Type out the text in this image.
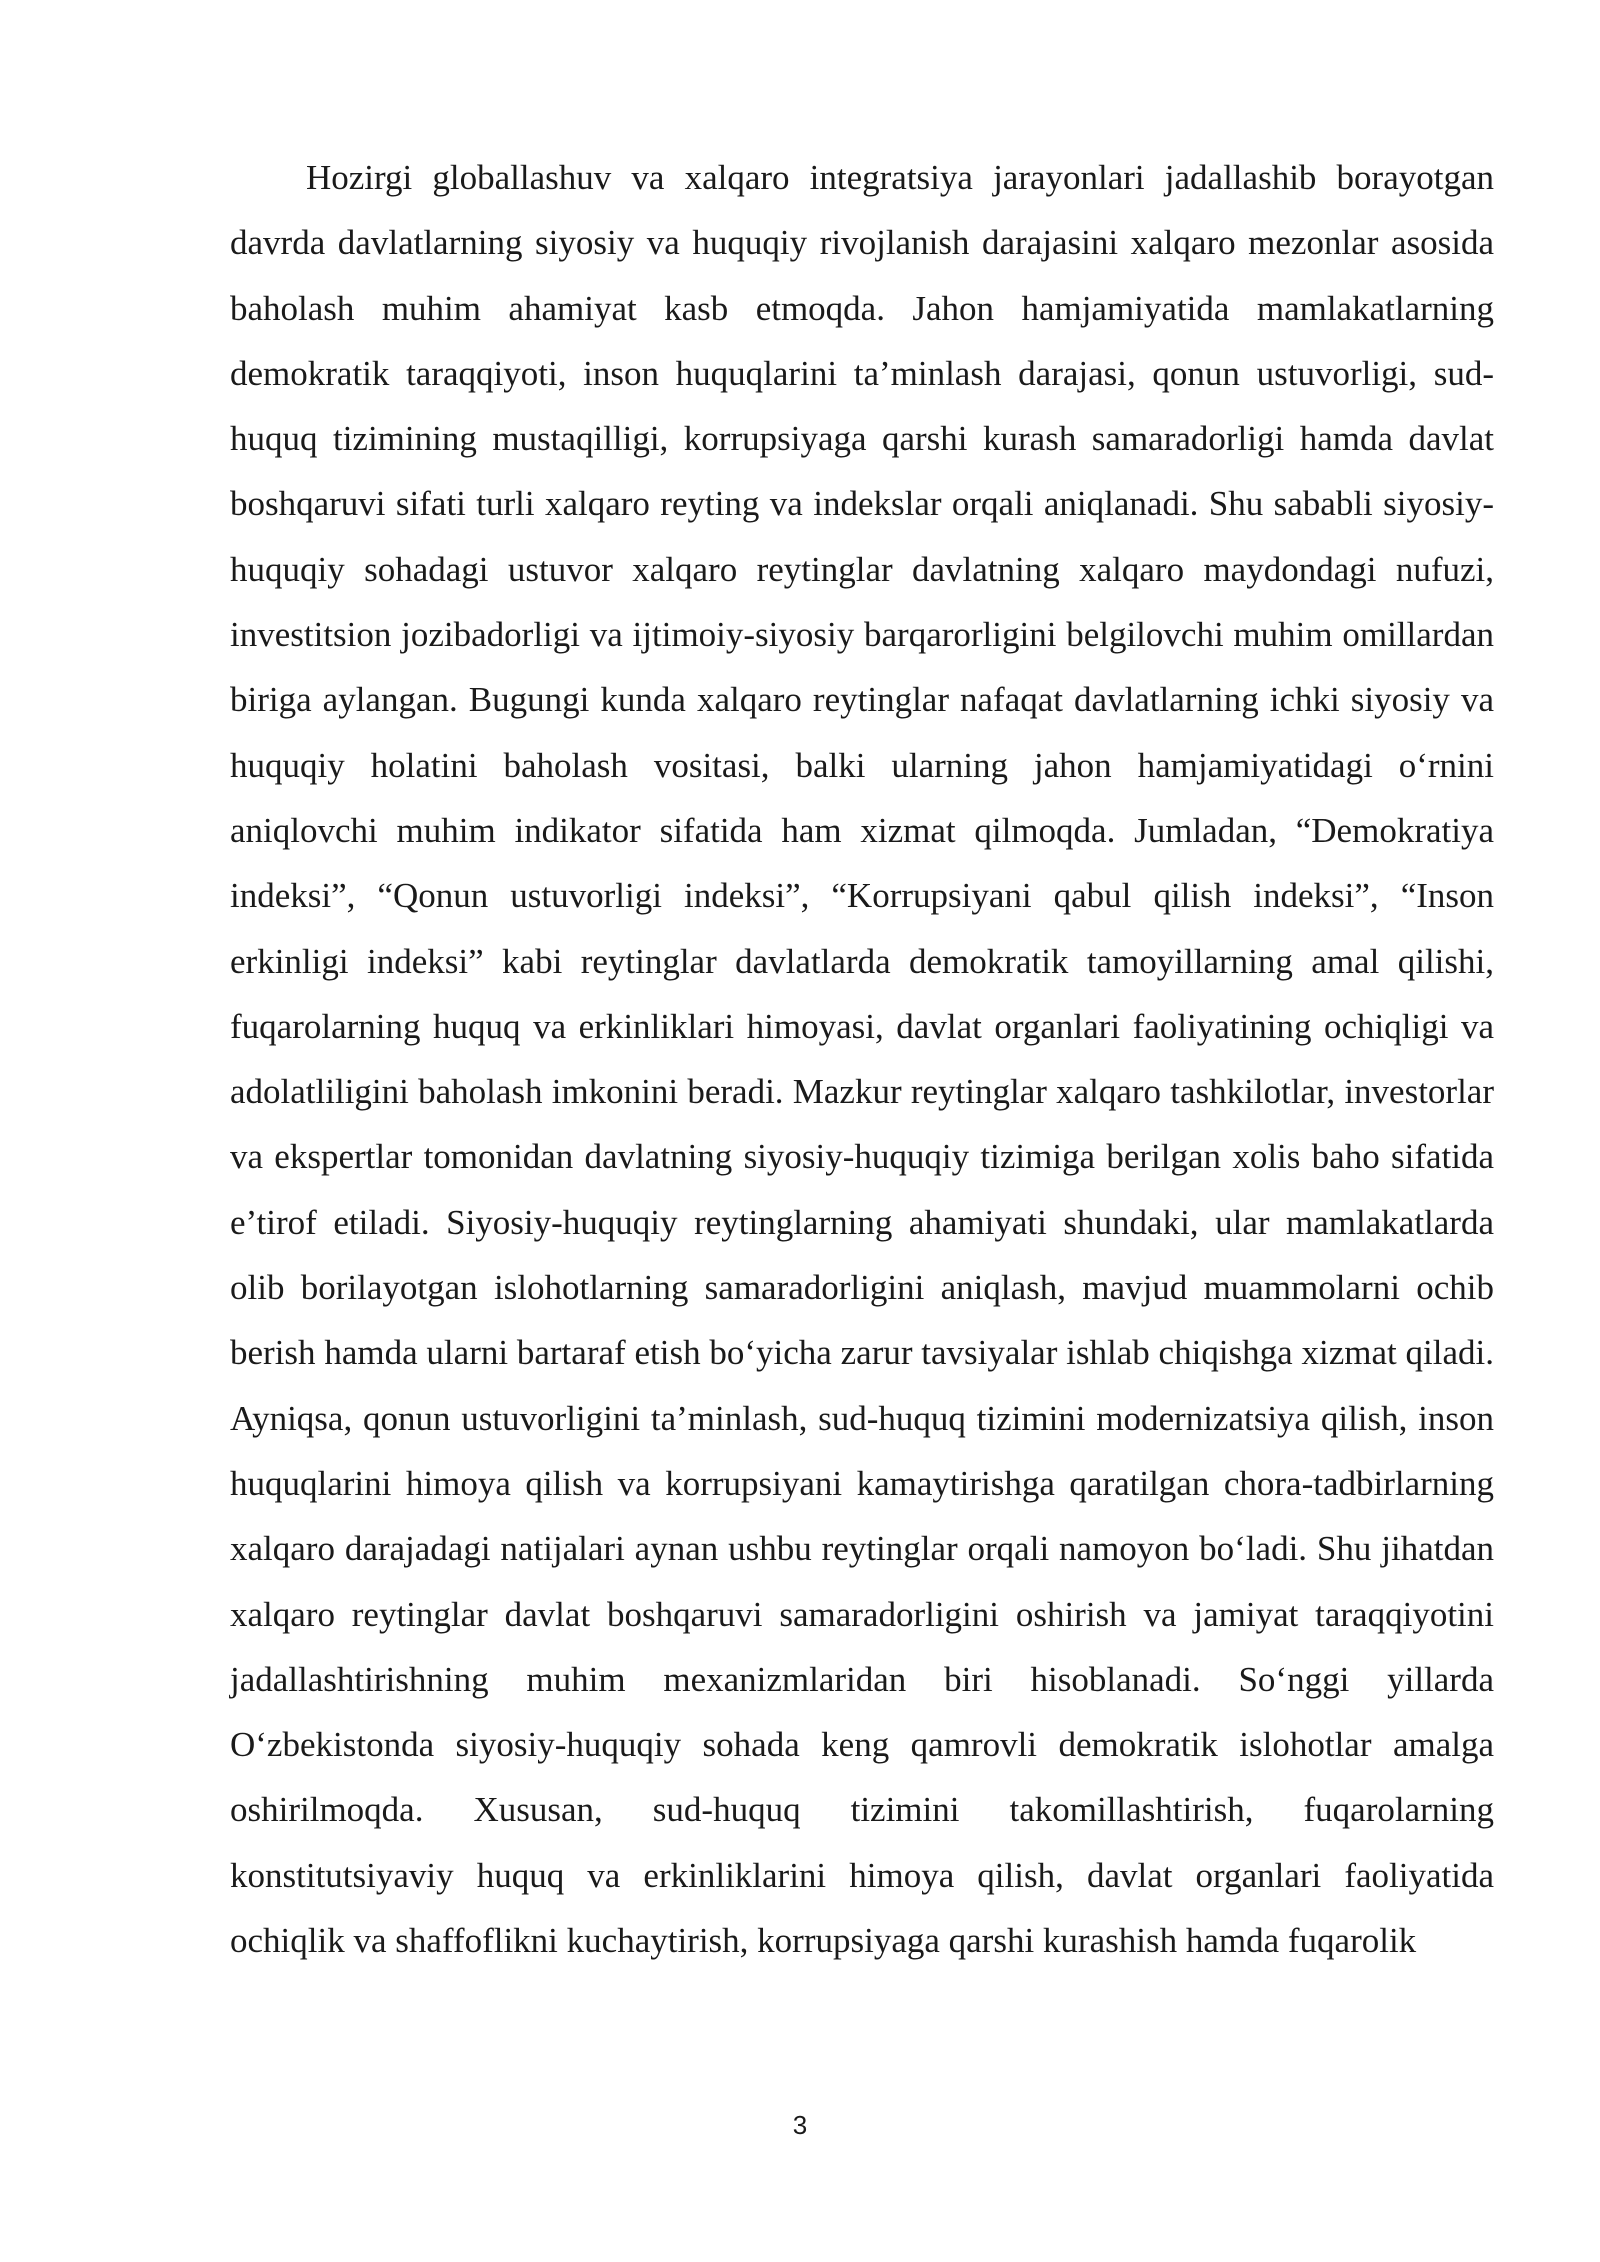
Hozirgi globallashuv va xalqaro integratsiya jarayonlari jadallashib borayotgan davrda davlatlarning siyosiy va huquqiy rivojlanish darajasini xalqaro mezonlar asosida baholash muhim ahamiyat kasb etmoqda. Jahon hamjamiyatida mamlakatlarning demokratik taraqqiyoti, inson huquqlarini ta’minlash darajasi, qonun ustuvorligi, sud-huquq tizimining mustaqilligi, korrupsiyaga qarshi kurash samaradorligi hamda davlat boshqaruvi sifati turli xalqaro reyting va indekslar orqali aniqlanadi. Shu sababli siyosiy-huquqiy sohadagi ustuvor xalqaro reytinglar davlatning xalqaro maydondagi nufuzi, investitsion jozibadorligi va ijtimoiy-siyosiy barqarorligini belgilovchi muhim omillardan biriga aylangan. Bugungi kunda xalqaro reytinglar nafaqat davlatlarning ichki siyosiy va huquqiy holatini baholash vositasi, balki ularning jahon hamjamiyatidagi o‘rnini aniqlovchi muhim indikator sifatida ham xizmat qilmoqda. Jumladan, “Demokratiya indeksi”, “Qonun ustuvorligi indeksi”, “Korrupsiyani qabul qilish indeksi”, “Inson erkinligi indeksi” kabi reytinglar davlatlarda demokratik tamoyillarning amal qilishi, fuqarolarning huquq va erkinliklari himoyasi, davlat organlari faoliyatining ochiqligi va adolatliligini baholash imkonini beradi. Mazkur reytinglar xalqaro tashkilotlar, investorlar va ekspertlar tomonidan davlatning siyosiy-huquqiy tizimiga berilgan xolis baho sifatida e’tirof etiladi. Siyosiy-huquqiy reytinglarning ahamiyati shundaki, ular mamlakatlarda olib borilayotgan islohotlarning samaradorligini aniqlash, mavjud muammolarni ochib berish hamda ularni bartaraf etish bo‘yicha zarur tavsiyalar ishlab chiqishga xizmat qiladi. Ayniqsa, qonun ustuvorligini ta’minlash, sud-huquq tizimini modernizatsiya qilish, inson huquqlarini himoya qilish va korrupsiyani kamaytirishga qaratilgan chora-tadbirlarning xalqaro darajadagi natijalari aynan ushbu reytinglar orqali namoyon bo‘ladi. Shu jihatdan xalqaro reytinglar davlat boshqaruvi samaradorligini oshirish va jamiyat taraqqiyotini jadallashtirishning muhim mexanizmlaridan biri hisoblanadi. So‘nggi yillarda O‘zbekistonda siyosiy-huquqiy sohada keng qamrovli demokratik islohotlar amalga oshirilmoqda. Xususan, sud-huquq tizimini takomillashtirish, fuqarolarning konstitutsiyaviy huquq va erkinliklarini himoya qilish, davlat organlari faoliyatida ochiqlik va shaffoflikni kuchaytirish, korrupsiyaga qarshi kurashish hamda fuqarolik

3
